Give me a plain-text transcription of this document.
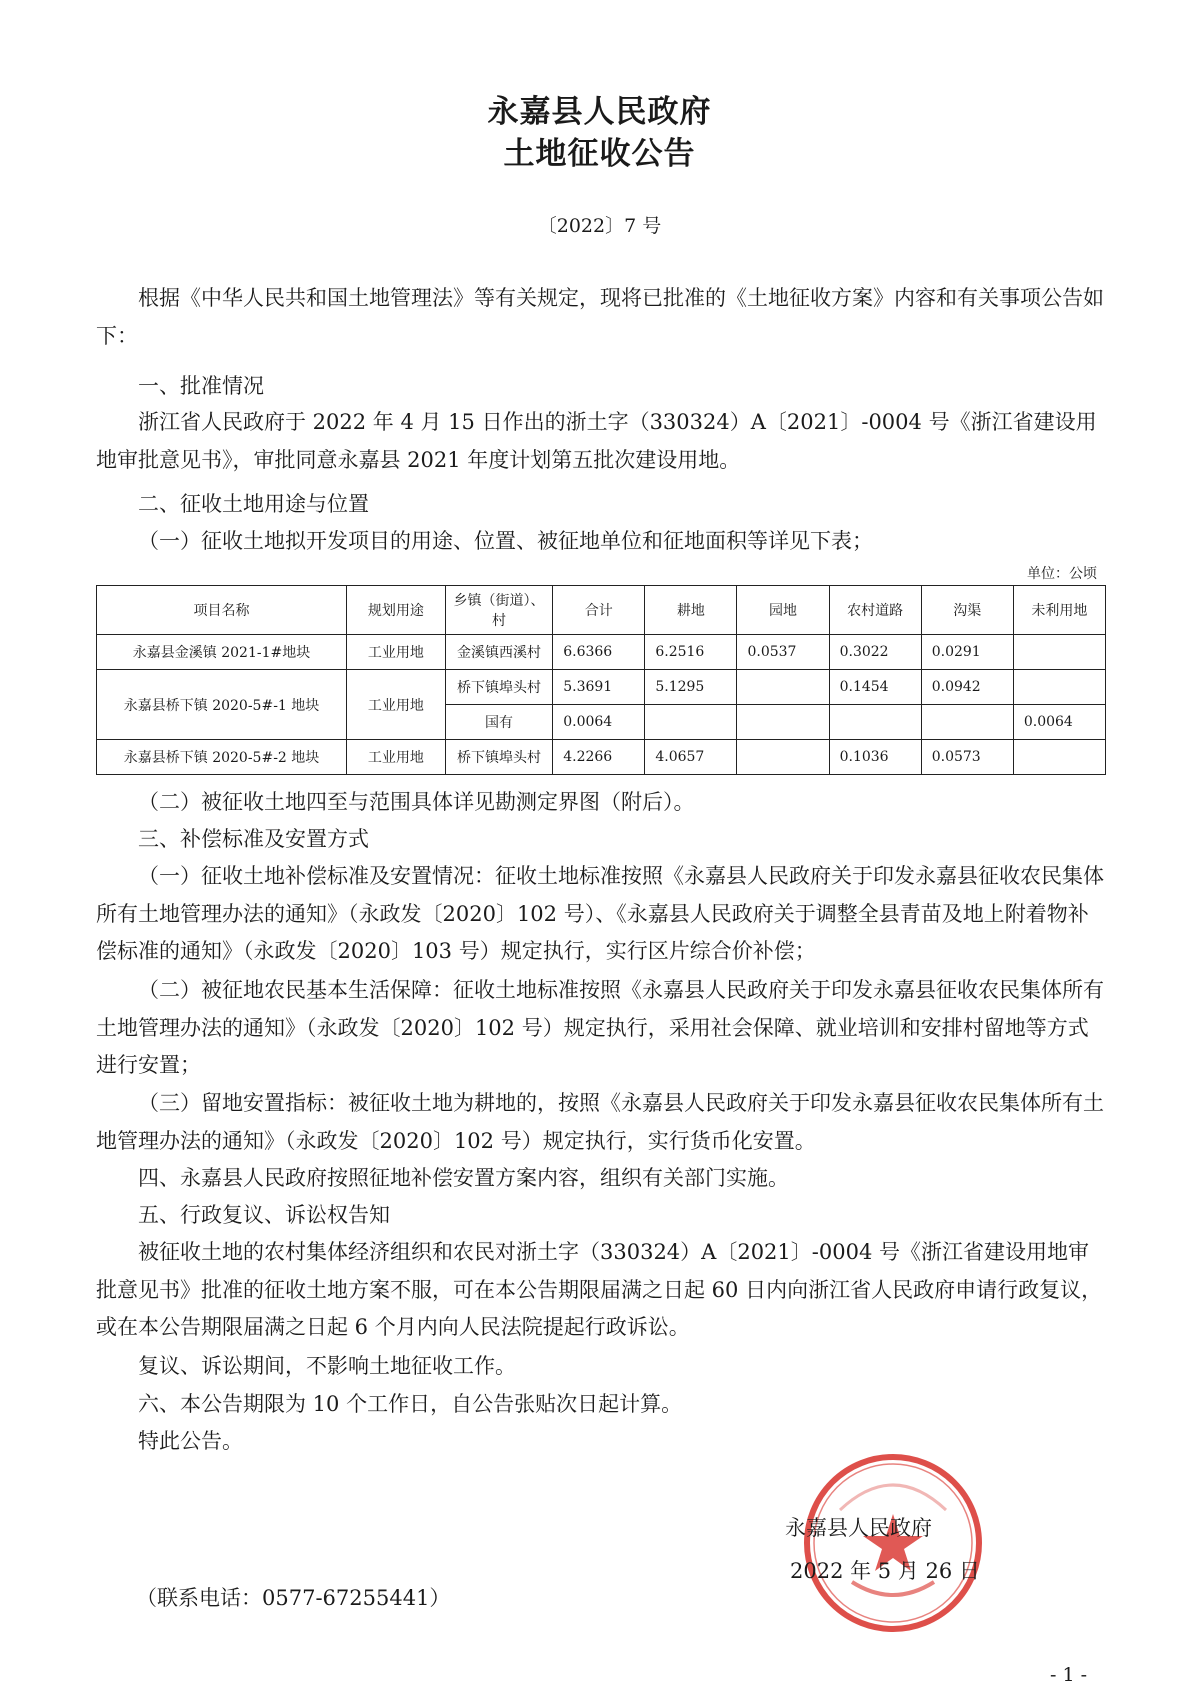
永嘉县人民政府
土地征收公告
〔2022〕7 号
根据《中华人民共和国土地管理法》等有关规定，现将已批准的《土地征收方案》内容和有关事项公告如下：
一、批准情况
浙江省人民政府于 2022 年 4 月 15 日作出的浙土字（330324）A〔2021〕-0004 号《浙江省建设用地审批意见书》，审批同意永嘉县 2021 年度计划第五批次建设用地。
二、征收土地用途与位置
（一）征收土地拟开发项目的用途、位置、被征地单位和征地面积等详见下表；
单位：公顷
项目名称	规划用途	乡镇（街道）、村	合计	耕地	园地	农村道路	沟渠	未利用地
永嘉县金溪镇 2021-1#地块	工业用地	金溪镇西溪村	6.6366	6.2516	0.0537	0.3022	0.0291	
永嘉县桥下镇 2020-5#-1 地块	工业用地	桥下镇埠头村	5.3691	5.1295		0.1454	0.0942	
		国有	0.0064					0.0064
永嘉县桥下镇 2020-5#-2 地块	工业用地	桥下镇埠头村	4.2266	4.0657		0.1036	0.0573	
（二）被征收土地四至与范围具体详见勘测定界图（附后）。
三、补偿标准及安置方式
（一）征收土地补偿标准及安置情况：征收土地标准按照《永嘉县人民政府关于印发永嘉县征收农民集体所有土地管理办法的通知》（永政发〔2020〕102 号）、《永嘉县人民政府关于调整全县青苗及地上附着物补偿标准的通知》（永政发〔2020〕103 号）规定执行，实行区片综合价补偿；
（二）被征地农民基本生活保障：征收土地标准按照《永嘉县人民政府关于印发永嘉县征收农民集体所有土地管理办法的通知》（永政发〔2020〕102 号）规定执行，采用社会保障、就业培训和安排村留地等方式进行安置；
（三）留地安置指标：被征收土地为耕地的，按照《永嘉县人民政府关于印发永嘉县征收农民集体所有土地管理办法的通知》（永政发〔2020〕102 号）规定执行，实行货币化安置。
四、永嘉县人民政府按照征地补偿安置方案内容，组织有关部门实施。
五、行政复议、诉讼权告知
被征收土地的农村集体经济组织和农民对浙土字（330324）A〔2021〕-0004 号《浙江省建设用地审批意见书》批准的征收土地方案不服，可在本公告期限届满之日起 60 日内向浙江省人民政府申请行政复议，或在本公告期限届满之日起 6 个月内向人民法院提起行政诉讼。
复议、诉讼期间，不影响土地征收工作。
六、本公告期限为 10 个工作日，自公告张贴次日起计算。
特此公告。
永嘉县人民政府
2022 年 5 月 26 日
（联系电话：0577-67255441）
- 1 -
